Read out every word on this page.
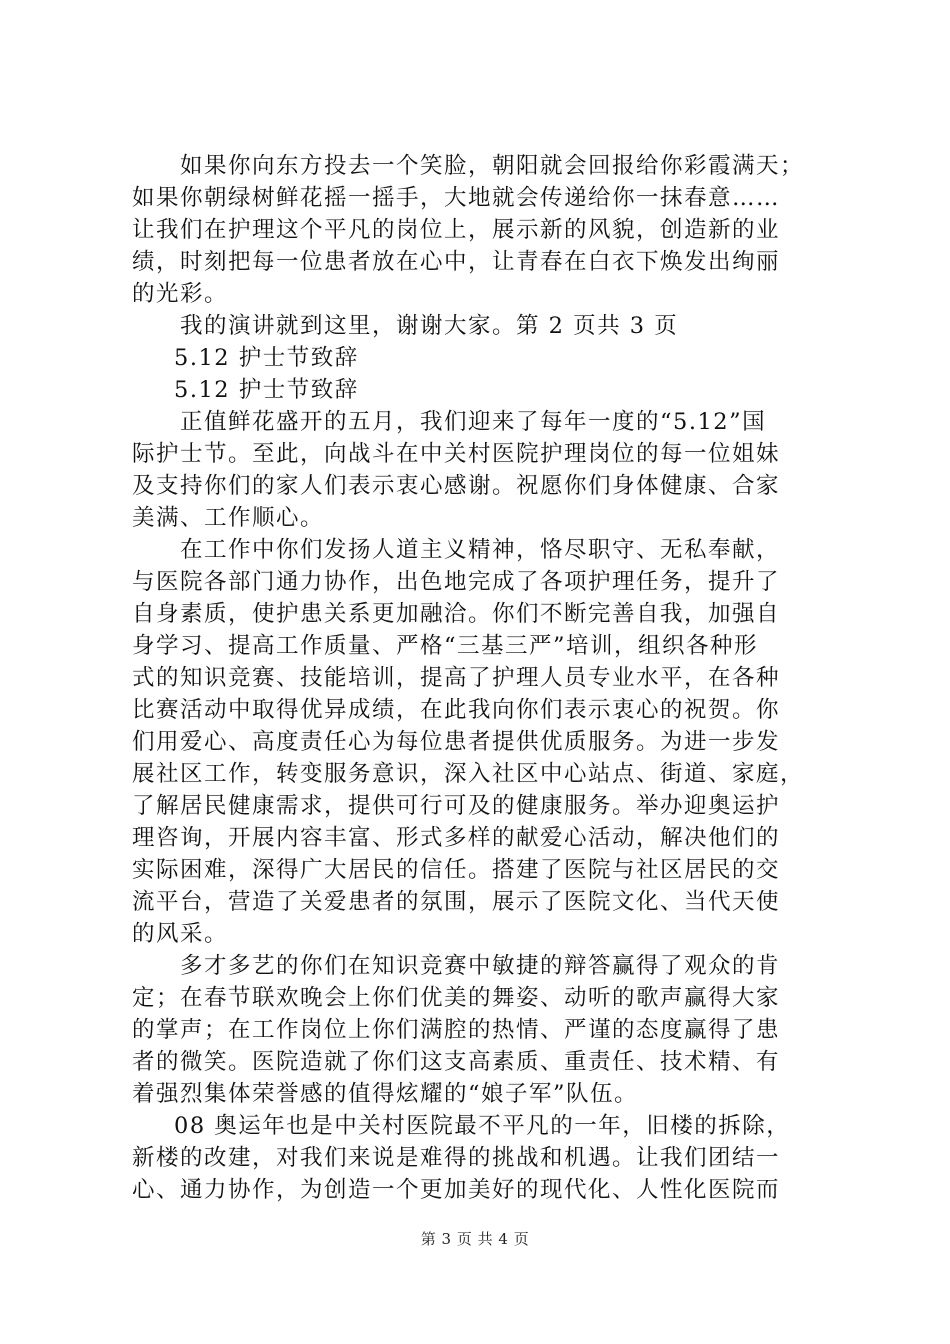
如果你向东方投去一个笑脸，朝阳就会回报给你彩霞满天；
如果你朝绿树鲜花摇一摇手，大地就会传递给你一抹春意……
让我们在护理这个平凡的岗位上，展示新的风貌，创造新的业
绩，时刻把每一位患者放在心中，让青春在白衣下焕发出绚丽
的光彩。
我的演讲就到这里，谢谢大家。第 2 页共 3 页
5.12 护士节致辞
5.12 护士节致辞
正值鲜花盛开的五月，我们迎来了每年一度的“5.12”国
际护士节。至此，向战斗在中关村医院护理岗位的每一位姐妹
及支持你们的家人们表示衷心感谢。祝愿你们身体健康、合家
美满、工作顺心。
在工作中你们发扬人道主义精神，恪尽职守、无私奉献，
与医院各部门通力协作，出色地完成了各项护理任务，提升了
自身素质，使护患关系更加融洽。你们不断完善自我，加强自
身学习、提高工作质量、严格“三基三严”培训，组织各种形
式的知识竞赛、技能培训，提高了护理人员专业水平，在各种
比赛活动中取得优异成绩，在此我向你们表示衷心的祝贺。你
们用爱心、高度责任心为每位患者提供优质服务。为进一步发
展社区工作，转变服务意识，深入社区中心站点、街道、家庭，
了解居民健康需求，提供可行可及的健康服务。举办迎奥运护
理咨询，开展内容丰富、形式多样的献爱心活动，解决他们的
实际困难，深得广大居民的信任。搭建了医院与社区居民的交
流平台，营造了关爱患者的氛围，展示了医院文化、当代天使
的风采。
多才多艺的你们在知识竞赛中敏捷的辩答赢得了观众的肯
定；在春节联欢晚会上你们优美的舞姿、动听的歌声赢得大家
的掌声；在工作岗位上你们满腔的热情、严谨的态度赢得了患
者的微笑。医院造就了你们这支高素质、重责任、技术精、有
着强烈集体荣誉感的值得炫耀的“娘子军”队伍。
08 奥运年也是中关村医院最不平凡的一年，旧楼的拆除，
新楼的改建，对我们来说是难得的挑战和机遇。让我们团结一
心、通力协作，为创造一个更加美好的现代化、人性化医院而
第 3 页 共 4 页
